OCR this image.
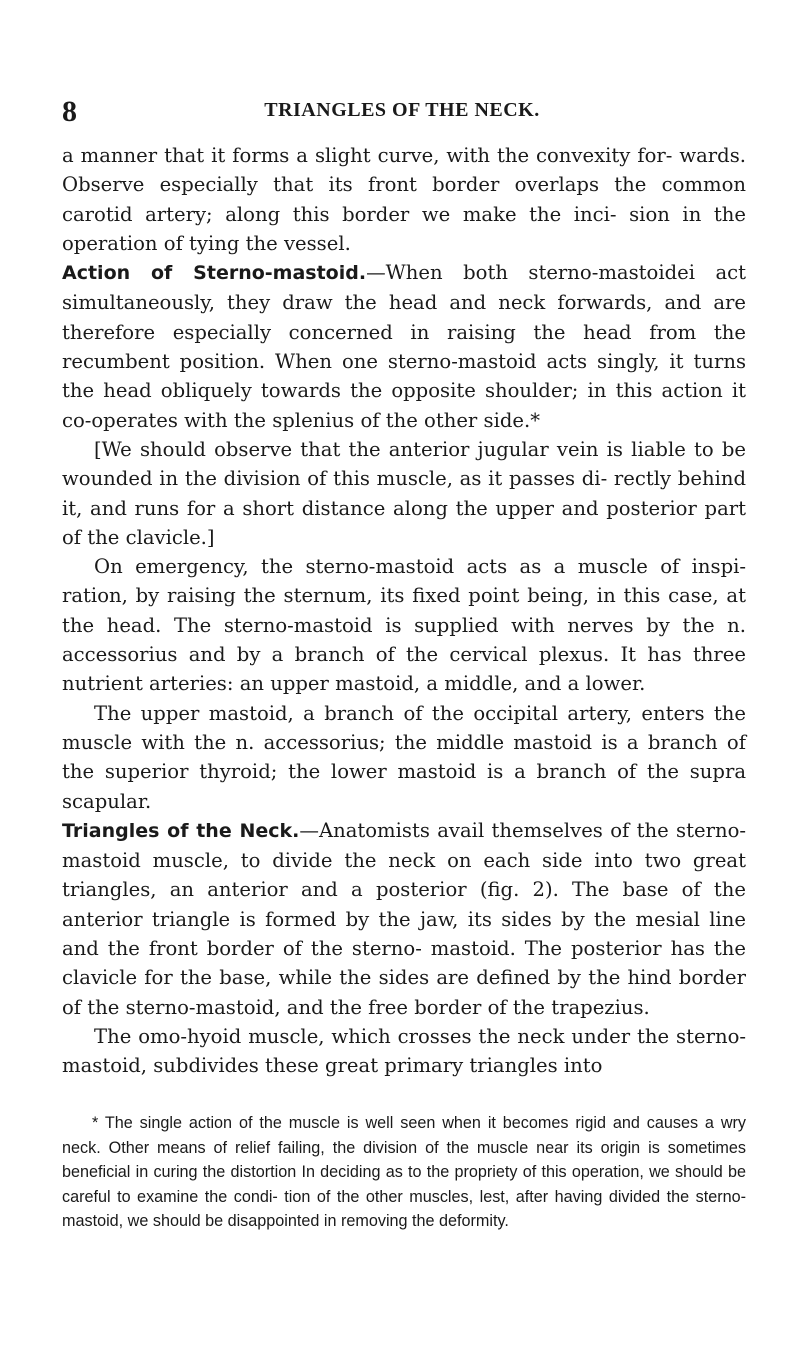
8	TRIANGLES OF THE NECK.

a manner that it forms a slight curve, with the convexity for- wards. Observe especially that its front border overlaps the common carotid artery; along this border we make the inci- sion in the operation of tying the vessel.

Action of Sterno-mastoid.—When both sterno-mastoidei act simultaneously, they draw the head and neck forwards, and are therefore especially concerned in raising the head from the recumbent position. When one sterno-mastoid acts singly, it turns the head obliquely towards the opposite shoulder; in this action it co-operates with the splenius of the other side.*

[We should observe that the anterior jugular vein is liable to be wounded in the division of this muscle, as it passes di- rectly behind it, and runs for a short distance along the upper and posterior part of the clavicle.]

On emergency, the sterno-mastoid acts as a muscle of inspi- ration, by raising the sternum, its fixed point being, in this case, at the head. The sterno-mastoid is supplied with nerves by the n. accessorius and by a branch of the cervical plexus. It has three nutrient arteries: an upper mastoid, a middle, and a lower.

The upper mastoid, a branch of the occipital artery, enters the muscle with the n. accessorius; the middle mastoid is a branch of the superior thyroid; the lower mastoid is a branch of the supra scapular.

Triangles of the Neck.—Anatomists avail themselves of the sterno-mastoid muscle, to divide the neck on each side into two great triangles, an anterior and a posterior (fig. 2). The base of the anterior triangle is formed by the jaw, its sides by the mesial line and the front border of the sterno- mastoid. The posterior has the clavicle for the base, while the sides are defined by the hind border of the sterno-mastoid, and the free border of the trapezius.

The omo-hyoid muscle, which crosses the neck under the sterno-mastoid, subdivides these great primary triangles into

* The single action of the muscle is well seen when it becomes rigid and causes a wry neck. Other means of relief failing, the division of the muscle near its origin is sometimes beneficial in curing the distortion In deciding as to the propriety of this operation, we should be careful to examine the condi- tion of the other muscles, lest, after having divided the sterno-mastoid, we should be disappointed in removing the deformity.
